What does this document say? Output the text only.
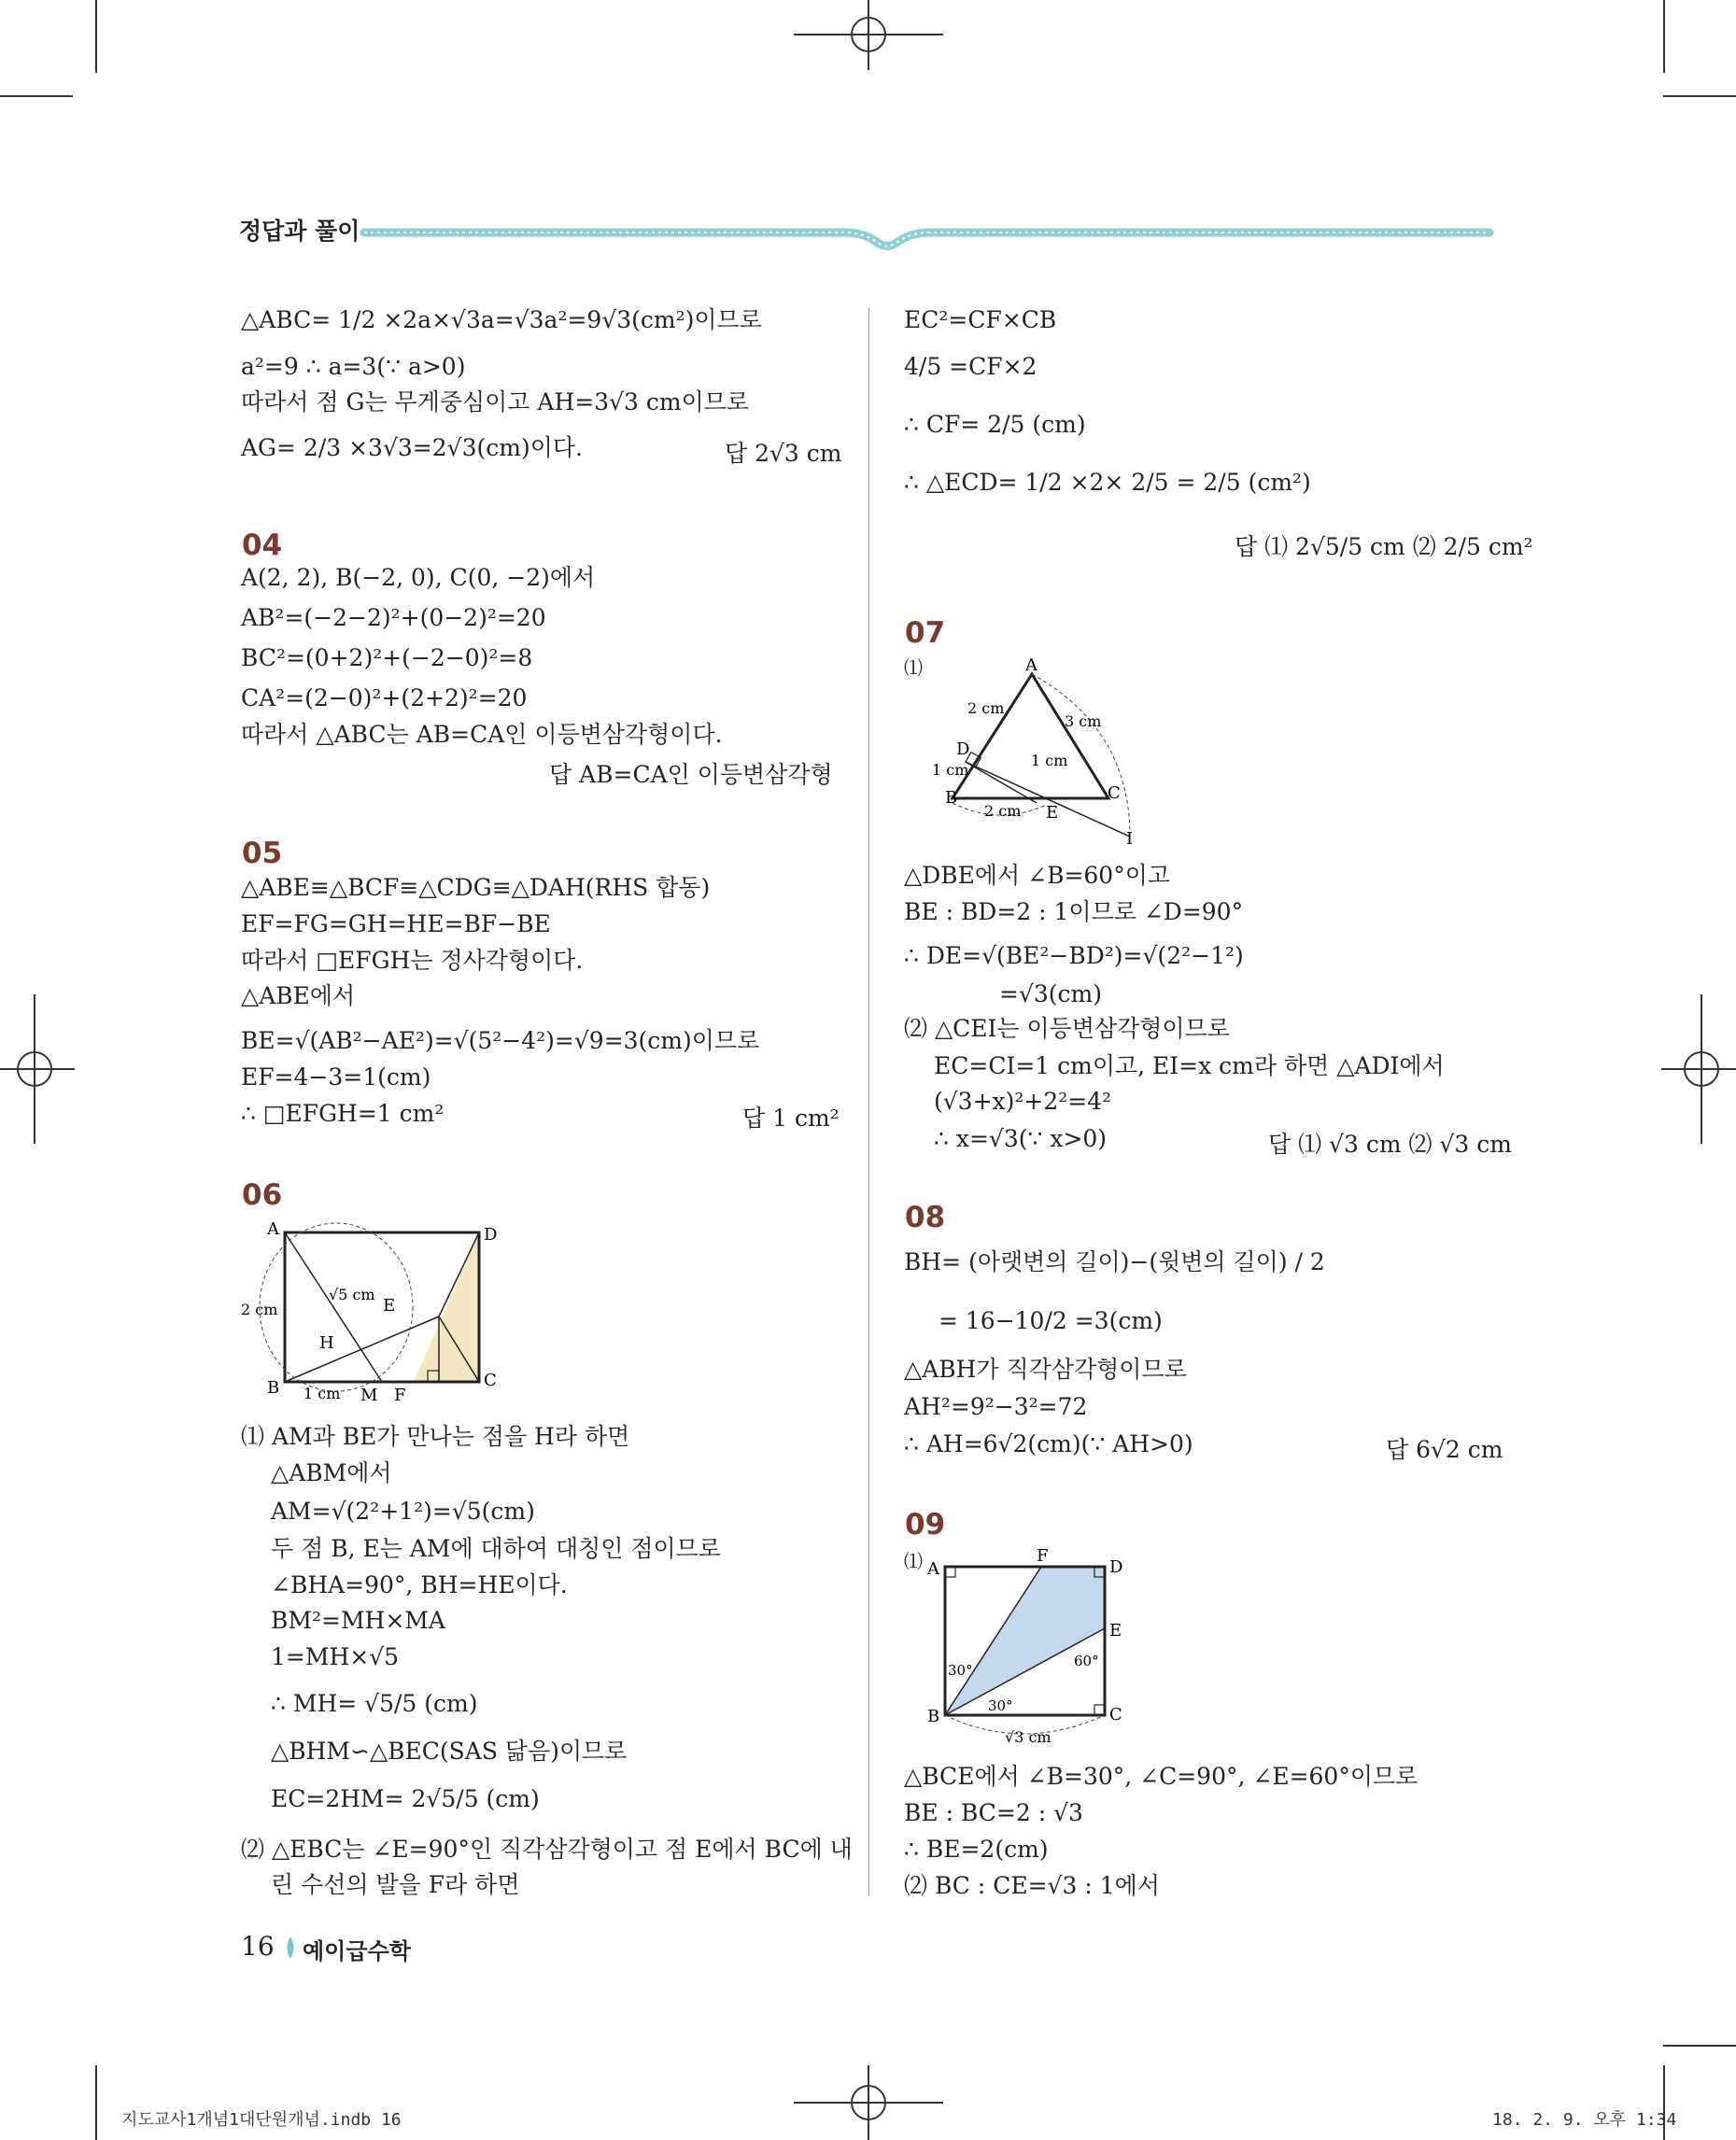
정답과 풀이
△ABC= 1/2 ×2a×√3a=√3a²=9√3(cm²)이므로
a²=9 ∴ a=3(∵ a>0)
따라서 점 G는 무게중심이고 AH=3√3 cm이므로
AG= 2/3 ×3√3=2√3(cm)이다.	답 2√3 cm
04
A(2, 2), B(−2, 0), C(0, −2)에서
AB²=(−2−2)²+(0−2)²=20
BC²=(0+2)²+(−2−0)²=8
CA²=(2−0)²+(2+2)²=20
따라서 △ABC는 AB=CA인 이등변삼각형이다.
답 AB=CA인 이등변삼각형
05
△ABE≡△BCF≡△CDG≡△DAH(RHS 합동)
EF=FG=GH=HE=BF−BE
따라서 □EFGH는 정사각형이다.
△ABE에서
BE=√(AB²−AE²)=√(5²−4²)=√9=3(cm)이므로
EF=4−3=1(cm)
∴ □EFGH=1 cm²	답 1 cm²
06
A	D
B	C
E
H
M F
2 cm
√5 cm
1 cm
⑴ AM과 BE가 만나는 점을 H라 하면
△ABM에서
AM=√(2²+1²)=√5(cm)
두 점 B, E는 AM에 대하여 대칭인 점이므로
∠BHA=90°, BH=HE이다.
BM²=MH×MA
1=MH×√5
∴ MH= √5/5 (cm)
△BHM∽△BEC(SAS 닮음)이므로
EC=2HM= 2√5/5 (cm)
⑵ △EBC는 ∠E=90°인 직각삼각형이고 점 E에서 BC에 내
린 수선의 발을 F라 하면
EC²=CF×CB
4/5 =CF×2
∴ CF= 2/5 (cm)
∴ △ECD= 1/2 ×2× 2/5 = 2/5 (cm²)
답 ⑴ 2√5/5 cm ⑵ 2/5 cm²
07
⑴	A
D
B	C
E
I
2 cm
3 cm
1 cm
2 cm
1 cm
△DBE에서 ∠B=60°이고
BE : BD=2 : 1이므로 ∠D=90°
∴ DE=√(BE²−BD²)=√(2²−1²)
=√3(cm)
⑵ △CEI는 이등변삼각형이므로
EC=CI=1 cm이고, EI=x cm라 하면 △ADI에서
(√3+x)²+2²=4²
∴ x=√3(∵ x>0)	답 ⑴ √3 cm ⑵ √3 cm
08
BH= (아랫변의 길이)−(윗변의 길이) / 2
= 16−10/2 =3(cm)
△ABH가 직각삼각형이므로
AH²=9²−3²=72
∴ AH=6√2(cm)(∵ AH>0)	답 6√2 cm
09
⑴ A
F
D
E
B	C
30°
30°
60°
√3 cm
△BCE에서 ∠B=30°, ∠C=90°, ∠E=60°이므로
BE : BC=2 : √3
∴ BE=2(cm)
⑵ BC : CE=√3 : 1에서
16 예이급수학
지도교사1개념1대단원개념.indb 16	18. 2. 9. 오후 1:34
